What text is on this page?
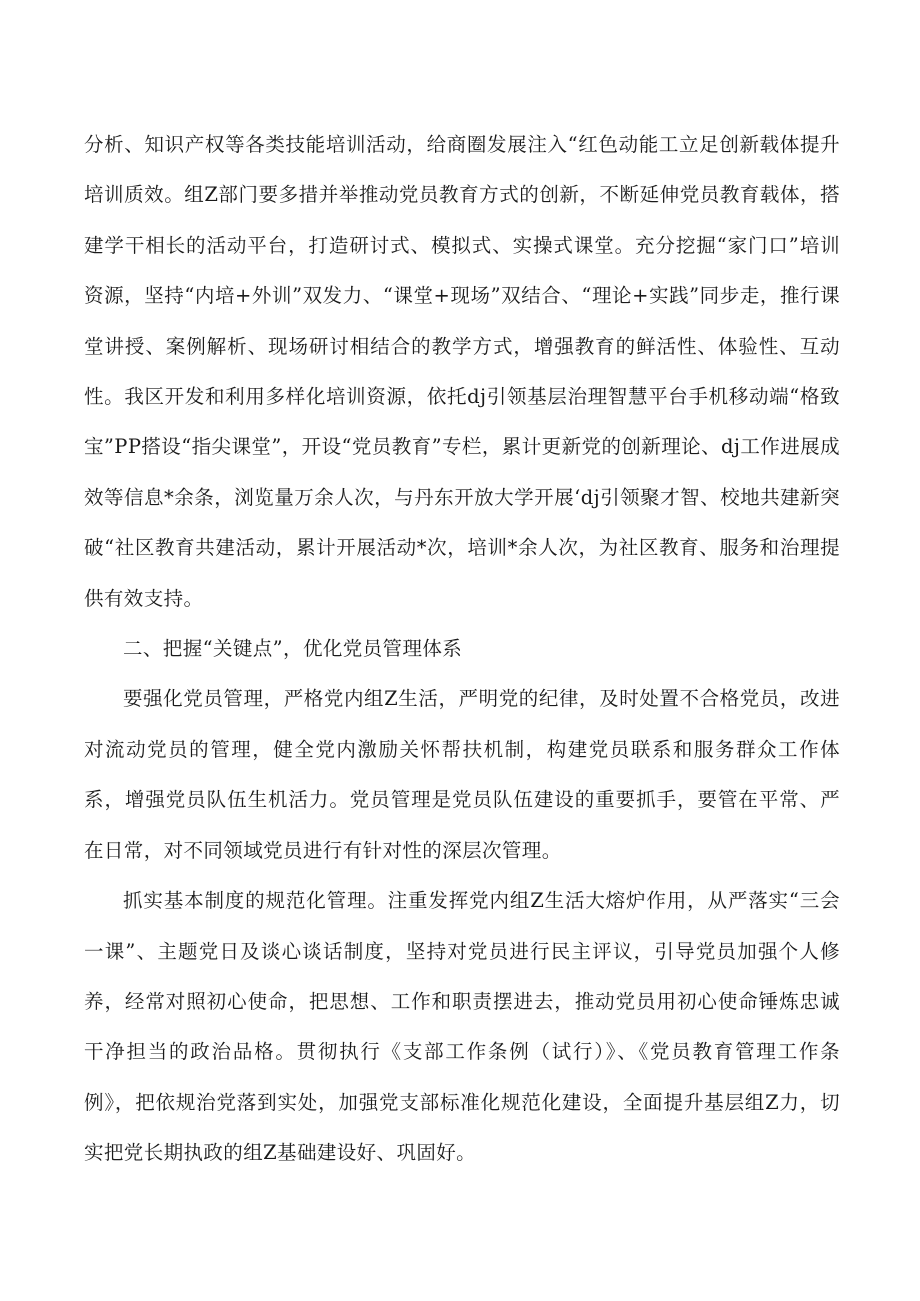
分析、知识产权等各类技能培训活动，给商圈发展注入“红色动能工立足创新载体提升培训质效。组Z部门要多措并举推动党员教育方式的创新，不断延伸党员教育载体，搭建学干相长的活动平台，打造研讨式、模拟式、实操式课堂。充分挖掘“家门口”培训资源，坚持“内培+外训”双发力、“课堂+现场”双结合、“理论+实践”同步走，推行课堂讲授、案例解析、现场研讨相结合的教学方式，增强教育的鲜活性、体验性、互动性。我区开发和利用多样化培训资源，依托dj引领基层治理智慧平台手机移动端“格致宝”PP搭设“指尖课堂”，开设“党员教育”专栏，累计更新党的创新理论、dj工作进展成效等信息*余条，浏览量万余人次，与丹东开放大学开展‘dj引领聚才智、校地共建新突破“社区教育共建活动，累计开展活动*次，培训*余人次，为社区教育、服务和治理提供有效支持。

二、把握“关键点”，优化党员管理体系

要强化党员管理，严格党内组Z生活，严明党的纪律，及时处置不合格党员，改进对流动党员的管理，健全党内激励关怀帮扶机制，构建党员联系和服务群众工作体系，增强党员队伍生机活力。党员管理是党员队伍建设的重要抓手，要管在平常、严在日常，对不同领域党员进行有针对性的深层次管理。

抓实基本制度的规范化管理。注重发挥党内组Z生活大熔炉作用，从严落实“三会一课”、主题党日及谈心谈话制度，坚持对党员进行民主评议，引导党员加强个人修养，经常对照初心使命，把思想、工作和职责摆进去，推动党员用初心使命锤炼忠诚干净担当的政治品格。贯彻执行《支部工作条例（试行）》、《党员教育管理工作条例》，把依规治党落到实处，加强党支部标准化规范化建设，全面提升基层组Z力，切实把党长期执政的组Z基础建设好、巩固好。
